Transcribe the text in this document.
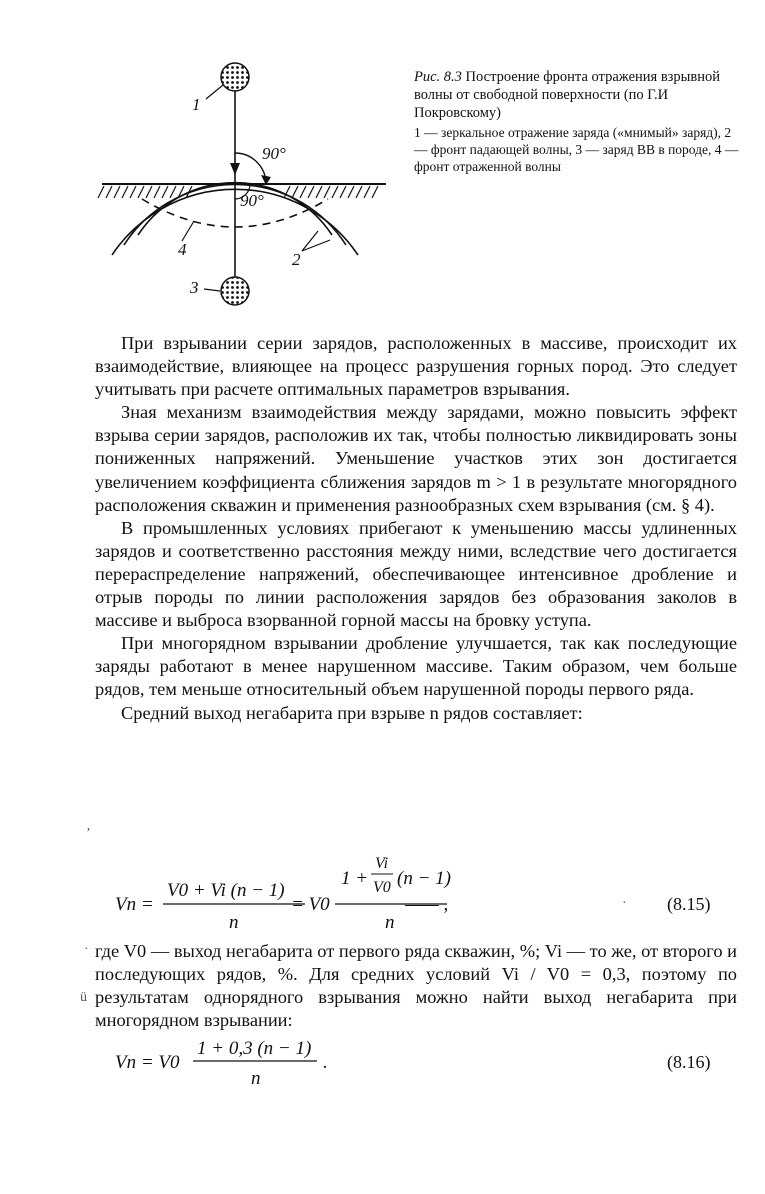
1
90°
90°
4
2
3

Рис. 8.3 Построение фронта отражения взрывной волны от свободной поверхности (по Г.И Покровскому)

1 — зеркальное отражение заряда («мнимый» заряд), 2 — фронт падающей волны, 3 — заряд ВВ в породе, 4 — фронт отраженной волны

При взрывании серии зарядов, расположенных в массиве, происходит их взаимодействие, влияющее на процесс разрушения горных пород. Это следует учитывать при расчете оптимальных параметров взрывания.

Зная механизм взаимодействия между зарядами, можно повысить эффект взрыва серии зарядов, расположив их так, чтобы полностью ликвидировать зоны пониженных напряжений. Уменьшение участков этих зон достигается увеличением коэффициента сближения зарядов m > 1 в результате многорядного расположения скважин и применения разнообразных схем взрывания (см. § 4).

В промышленных условиях прибегают к уменьшению массы удлиненных зарядов и соответственно расстояния между ними, вследствие чего достигается перераспределение напряжений, обеспечивающее интенсивное дробление и отрыв породы по линии расположения зарядов без образования заколов в массиве и выброса взорванной горной массы на бровку уступа.

При многорядном взрывании дробление улучшается, так как последующие заряды работают в менее нарушенном массиве. Таким образом, чем больше рядов, тем меньше относительный объем нарушенной породы первого ряда.

Средний выход негабарита при взрыве n рядов составляет:

Vn =
V0 + Vi (n − 1)
n
= V0
1 +
Vi
V0 (n − 1)
n
—— ,	(8.15)

где V0 — выход негабарита от первого ряда скважин, %; Vi — то же, от второго и последующих рядов, %. Для средних условий Vi / V0 = 0,3, поэтому по результатам однорядного взрывания можно найти выход негабарита при многорядном взрывании:

Vn = V0
1 + 0,3 (n − 1)
n
.	(8.16)
’
·
·
ü
